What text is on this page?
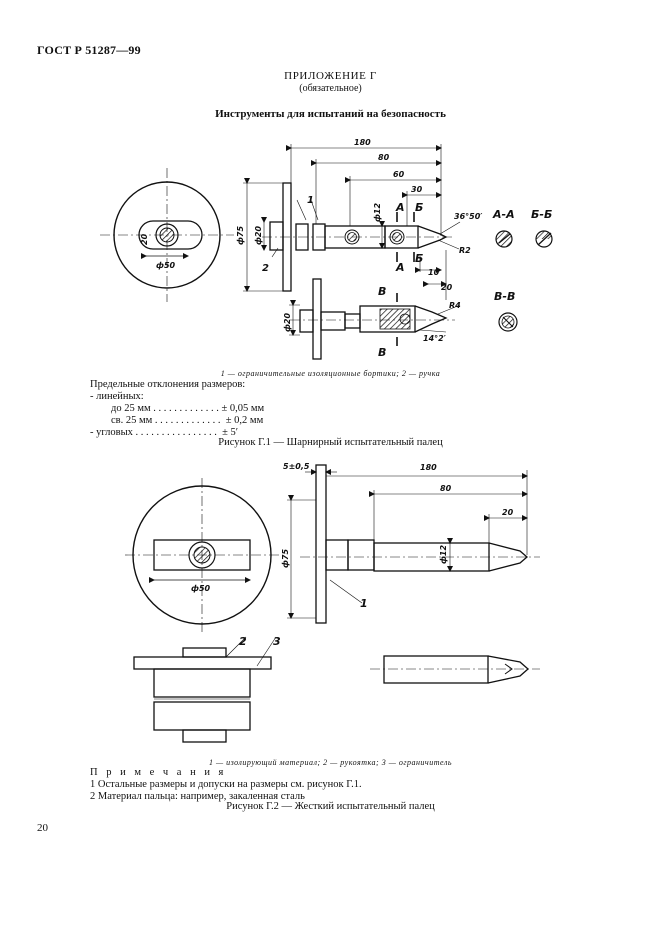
ГОСТ Р 51287—99
ПРИЛОЖЕНИЕ Г
(обязательное)
Инструменты для испытаний на безопасность
180
80
60
30
ф75 ф20
ф12
ф50
20
36°50′
R2
10
20
R4
14°2′
ф20
1
2
А
А
Б
Б
В
В
А-А Б-Б
В-В
5±0,5	180
80
20
ф75	ф12
ф50
1
2 3
1 — ограничительные изоляционные бортики; 2 — ручка
Предельные отклонения размеров:
- линейных:
до 25 мм . . . . . . . . . . . . . ± 0,05 мм
св. 25 мм . . . . . . . . . . . . .  ± 0,2 мм
- угловых . . . . . . . . . . . . . . . .  ± 5′
Рисунок Г.1 — Шарнирный испытательный палец
1 — изолирующий материал; 2 — рукоятка; 3 — ограничитель
П р и м е ч а н и я
1 Остальные размеры и допуски на размеры см. рисунок Г.1.
2 Материал пальца: например, закаленная сталь
Рисунок Г.2 — Жесткий испытательный палец
20
